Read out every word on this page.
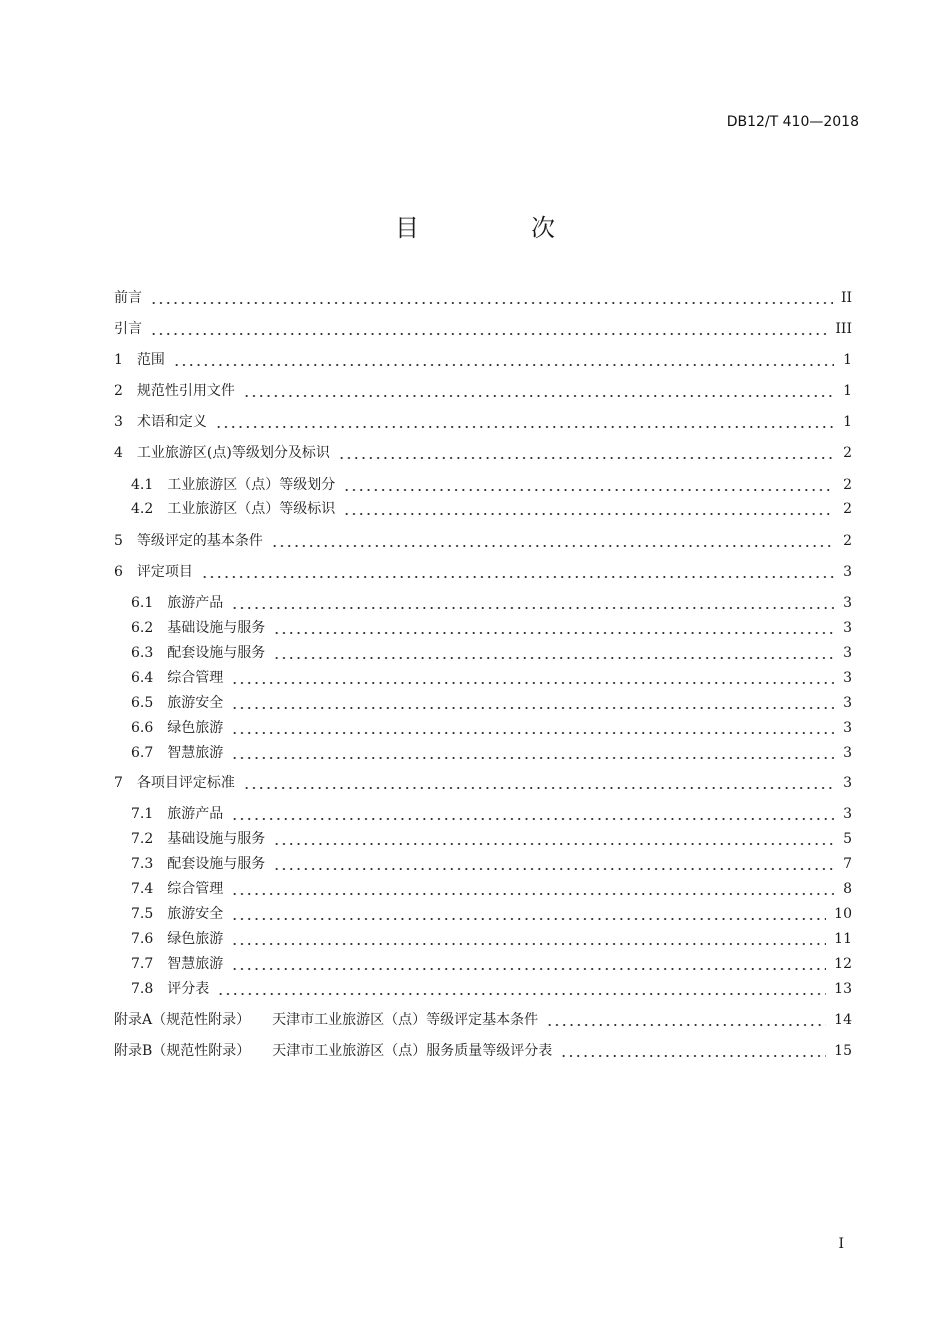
DB12/T 410—2018
目　次
前言	II
引言	III
1 范围	1
2 规范性引用文件	1
3 术语和定义	1
4 工业旅游区(点)等级划分及标识	2
4.1 工业旅游区（点）等级划分	2
4.2 工业旅游区（点）等级标识	2
5 等级评定的基本条件	2
6 评定项目	3
6.1 旅游产品	3
6.2 基础设施与服务	3
6.3 配套设施与服务	3
6.4 综合管理	3
6.5 旅游安全	3
6.6 绿色旅游	3
6.7 智慧旅游	3
7 各项目评定标准	3
7.1 旅游产品	3
7.2 基础设施与服务	5
7.3 配套设施与服务	7
7.4 综合管理	8
7.5 旅游安全	10
7.6 绿色旅游	11
7.7 智慧旅游	12
7.8 评分表	13
附录A（规范性附录） 天津市工业旅游区（点）等级评定基本条件	14
附录B（规范性附录） 天津市工业旅游区（点）服务质量等级评分表	15
I
